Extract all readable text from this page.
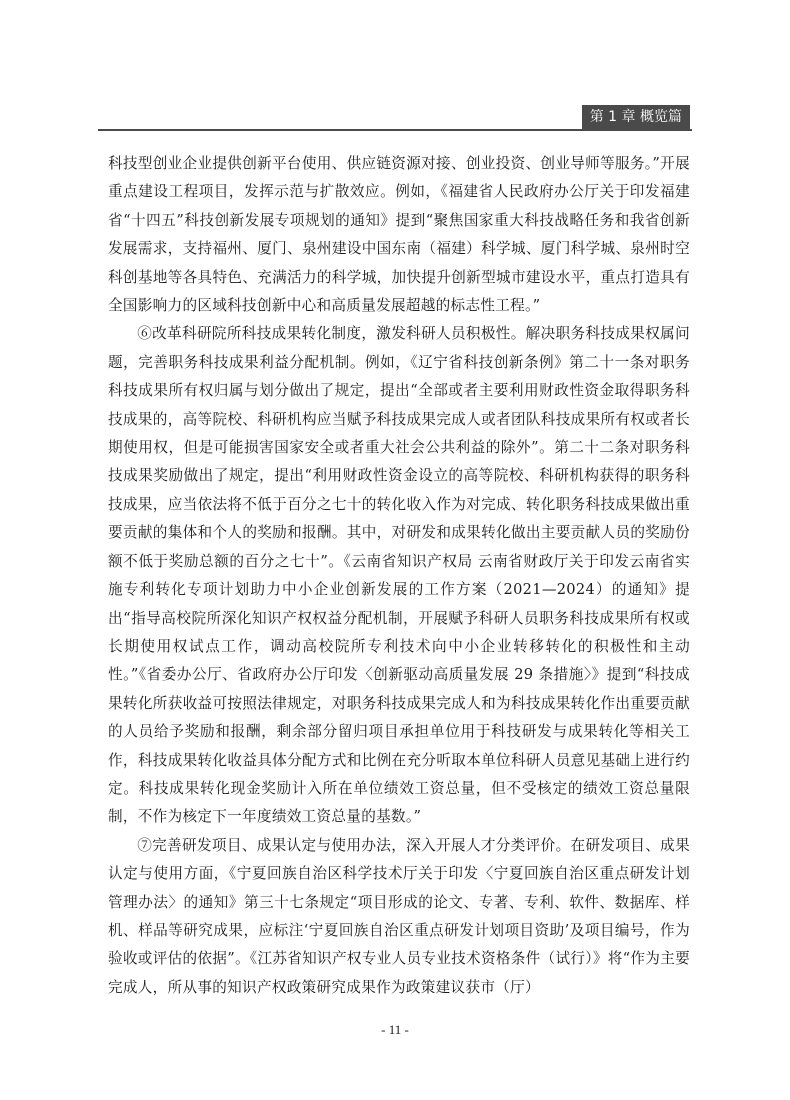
第 1 章 概览篇

科技型创业企业提供创新平台使用、供应链资源对接、创业投资、创业导师等服务。”开展重点建设工程项目，发挥示范与扩散效应。例如，《福建省人民政府办公厅关于印发福建省“十四五”科技创新发展专项规划的通知》提到“聚焦国家重大科技战略任务和我省创新发展需求，支持福州、厦门、泉州建设中国东南（福建）科学城、厦门科学城、泉州时空科创基地等各具特色、充满活力的科学城，加快提升创新型城市建设水平，重点打造具有全国影响力的区域科技创新中心和高质量发展超越的标志性工程。”

⑥改革科研院所科技成果转化制度，激发科研人员积极性。解决职务科技成果权属问题，完善职务科技成果利益分配机制。例如，《辽宁省科技创新条例》第二十一条对职务科技成果所有权归属与划分做出了规定，提出“全部或者主要利用财政性资金取得职务科技成果的，高等院校、科研机构应当赋予科技成果完成人或者团队科技成果所有权或者长期使用权，但是可能损害国家安全或者重大社会公共利益的除外”。第二十二条对职务科技成果奖励做出了规定，提出“利用财政性资金设立的高等院校、科研机构获得的职务科技成果，应当依法将不低于百分之七十的转化收入作为对完成、转化职务科技成果做出重要贡献的集体和个人的奖励和报酬。其中，对研发和成果转化做出主要贡献人员的奖励份额不低于奖励总额的百分之七十”。《云南省知识产权局 云南省财政厅关于印发云南省实施专利转化专项计划助力中小企业创新发展的工作方案（2021—2024）的通知》提出“指导高校院所深化知识产权权益分配机制，开展赋予科研人员职务科技成果所有权或长期使用权试点工作，调动高校院所专利技术向中小企业转移转化的积极性和主动性。”《省委办公厅、省政府办公厅印发〈创新驱动高质量发展 29 条措施〉》提到“科技成果转化所获收益可按照法律规定，对职务科技成果完成人和为科技成果转化作出重要贡献的人员给予奖励和报酬，剩余部分留归项目承担单位用于科技研发与成果转化等相关工作，科技成果转化收益具体分配方式和比例在充分听取本单位科研人员意见基础上进行约定。科技成果转化现金奖励计入所在单位绩效工资总量，但不受核定的绩效工资总量限制，不作为核定下一年度绩效工资总量的基数。”

⑦完善研发项目、成果认定与使用办法，深入开展人才分类评价。在研发项目、成果认定与使用方面，《宁夏回族自治区科学技术厅关于印发〈宁夏回族自治区重点研发计划管理办法〉的通知》第三十七条规定“项目形成的论文、专著、专利、软件、数据库、样机、样品等研究成果，应标注‘宁夏回族自治区重点研发计划项目资助’及项目编号，作为验收或评估的依据”。《江苏省知识产权专业人员专业技术资格条件（试行）》将“作为主要完成人，所从事的知识产权政策研究成果作为政策建议获市（厅）

- 11 -
